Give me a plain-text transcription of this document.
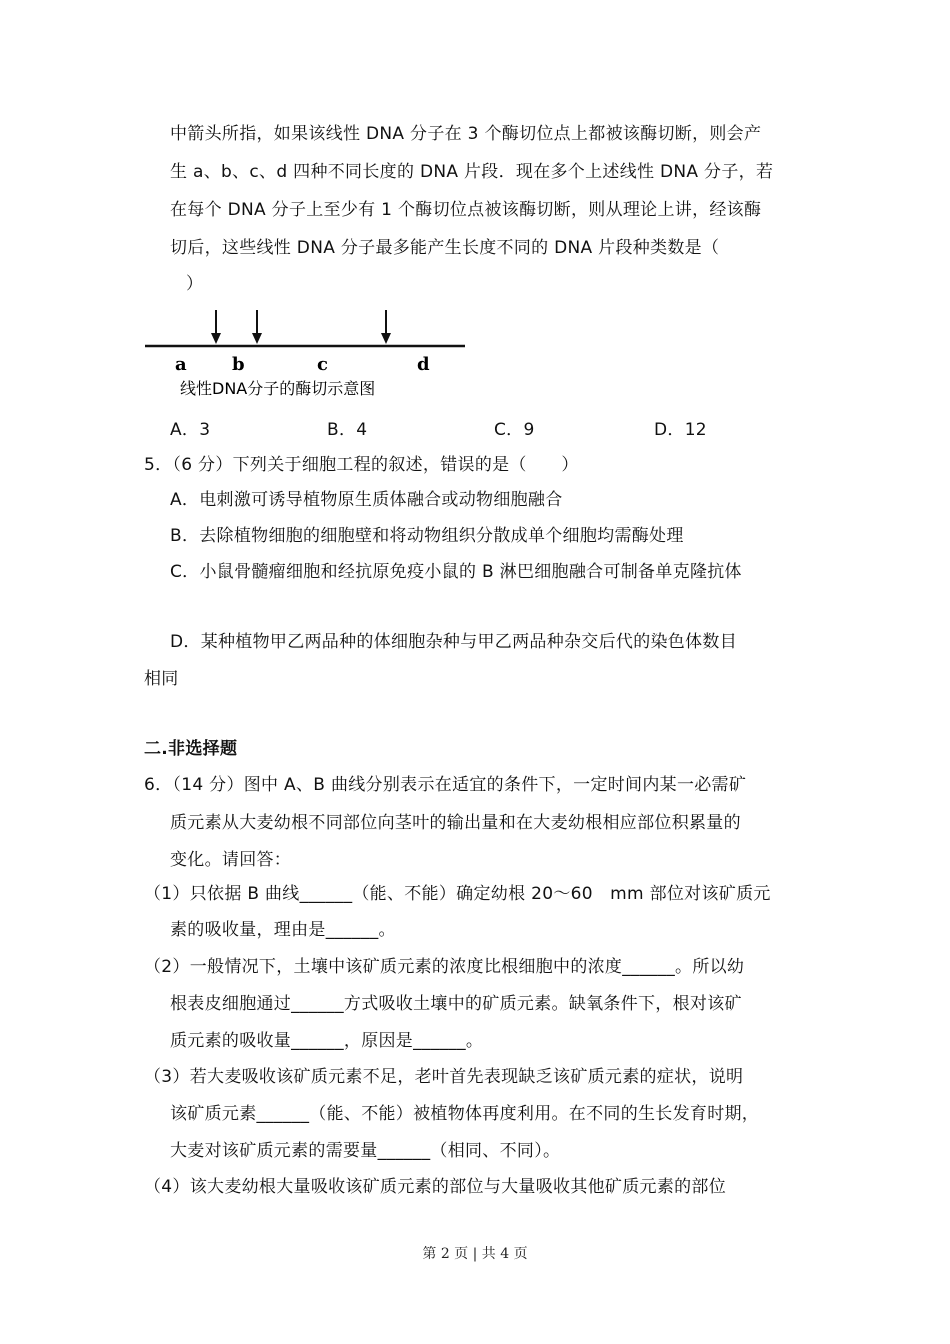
中箭头所指，如果该线性 DNA 分子在 3 个酶切位点上都被该酶切断，则会产
生 a、b、c、d 四种不同长度的 DNA 片段．现在多个上述线性 DNA 分子，若
在每个 DNA 分子上至少有 1 个酶切位点被该酶切断，则从理论上讲，经该酶
切后，这些线性 DNA 分子最多能产生长度不同的 DNA 片段种类数是（
）
a	b	c	d
线性DNA分子的酶切示意图
A．3	B．4	C．9	D．12
5．（6 分）下列关于细胞工程的叙述，错误的是（　　）
A．电刺激可诱导植物原生质体融合或动物细胞融合
B．去除植物细胞的细胞壁和将动物组织分散成单个细胞均需酶处理
C．小鼠骨髓瘤细胞和经抗原免疫小鼠的 B 淋巴细胞融合可制备单克隆抗体
D．某种植物甲乙两品种的体细胞杂种与甲乙两品种杂交后代的染色体数目
相同
二.非选择题
6．（14 分）图中 A、B 曲线分别表示在适宜的条件下，一定时间内某一必需矿
质元素从大麦幼根不同部位向茎叶的输出量和在大麦幼根相应部位积累量的
变化。请回答：
（1）只依据 B 曲线______（能、不能）确定幼根 20～60　mm 部位对该矿质元
素的吸收量，理由是______。
（2）一般情况下，土壤中该矿质元素的浓度比根细胞中的浓度______。所以幼
根表皮细胞通过______方式吸收土壤中的矿质元素。缺氧条件下，根对该矿
质元素的吸收量______，原因是______。
（3）若大麦吸收该矿质元素不足，老叶首先表现缺乏该矿质元素的症状，说明
该矿质元素______（能、不能）被植物体再度利用。在不同的生长发育时期，
大麦对该矿质元素的需要量______（相同、不同）。
（4）该大麦幼根大量吸收该矿质元素的部位与大量吸收其他矿质元素的部位
第 2 页 | 共 4 页
